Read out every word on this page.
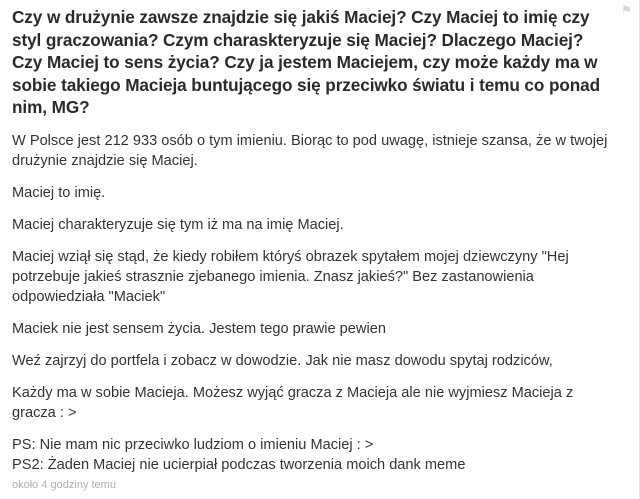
Czy w drużynie zawsze znajdzie się jakiś Maciej? Czy Maciej to imię czy styl graczowania? Czym charaskteryzuje się Maciej? Dlaczego Maciej? Czy Maciej to sens życia? Czy ja jestem Maciejem, czy może każdy ma w sobie takiego Macieja buntującego się przeciwko światu i temu co ponad nim, MG?

W Polsce jest 212 933 osób o tym imieniu. Biorąc to pod uwagę, istnieje szansa, że w twojej drużynie znajdzie się Maciej.

Maciej to imię.

Maciej charakteryzuje się tym iż ma na imię Maciej.

Maciej wziął się stąd, że kiedy robiłem któryś obrazek spytałem mojej dziewczyny "Hej potrzebuje jakieś strasznie zjebanego imienia. Znasz jakieś?" Bez zastanowienia odpowiedziała "Maciek"

Maciek nie jest sensem życia. Jestem tego prawie pewien

Weź zajrzyj do portfela i zobacz w dowodzie. Jak nie masz dowodu spytaj rodziców,

Każdy ma w sobie Macieja. Możesz wyjąć gracza z Macieja ale nie wyjmiesz Macieja z gracza : >

PS: Nie mam nic przeciwko ludziom o imieniu Maciej : >

PS2: Żaden Maciej nie ucierpiał podczas tworzenia moich dank meme

około 4 godziny temu
⚑
